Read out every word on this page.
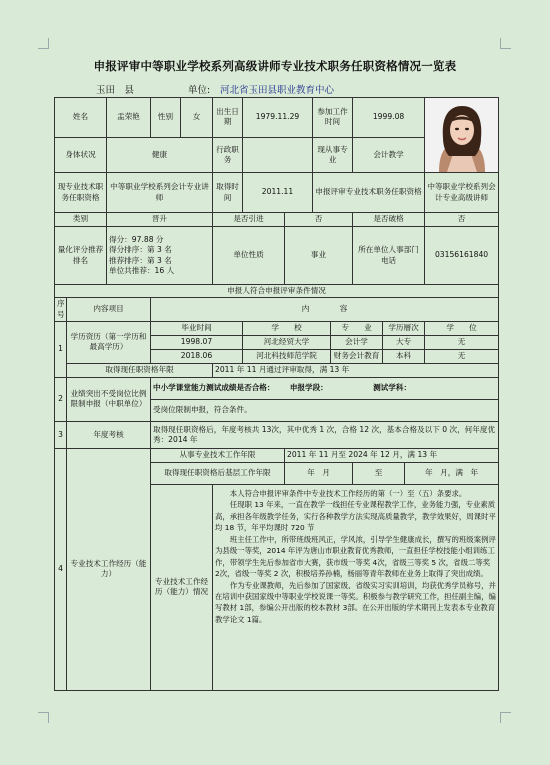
申报评审中等职业学校系列高级讲师专业技术职务任职资格情况一览表
玉田　县	单位: 河北省玉田县职业教育中心
姓名		盂荣艳	性别	女	出生日期	1979.11.29		参加工作时间		1999.08	

身体状况		健康			行政职务			现从事专业		会计教学			
现专业技术职务任职资格		中等职业学校系列会计专业讲师			取得时间	2011.11		申报评审专业技术职务任职资格					中等职业学校系列会计专业高级讲师
类别		晋升			是否引进		否			是否破格			否
量化评分推荐排名		得分：97.88 分
得分排序：第 3 名
推荐排序：第 3 名
单位共推荐：16 人			单位性质		事业			所在单位人事部门电话			03156161840
申报人符合申报评审条件情况													
序号	内容项目		内　　　　容										
1	学历资历（第一学历和最高学历）		毕业时间			学　　校			专　　业		学历層次		学　　位
			1998.07			河北经贸大学			会计学		大专		无
			2018.06			河北科技师范学院			财务会计教育		本科		无
	取得现任职资格年限				2011 年 11 月通过评审取得，满 13 年								
2	业绩突出不受岗位比例限制申报（中职单位）		中小学课堂能力测试成绩是否合格： 申报学段： 测试学科：										
			受岗位限制申报，符合条件。										
3	年度考核		取得现任职资格后，年度考核共 13次，其中优秀 1 次，合格 12 次，基本合格及以下 0 次，何年度优秀：2014 年										
4	专业技术工作经历（能力）		从事专业技术工作年限				2011 年 11 月至 2024 年 12 月，满 13 年						
			取得现任职资格后基层工作年限				年　月			至		年　月，满　年	
			专业技术工作经历（能力）情况		本人符合申报评审条件中专业技术工作经历的第（一）至（五）条要求。

任现职 13 年来，一直在教学一线担任专业课程教学工作，业务能力强，专业素质高，承担各年级教学任务，实行各种教学方法实现高质量教学，教学效果好，周课时平均 18 节，年平均课时 720 节

班主任工作中，所带班级班风正，学风浓，引导学生健康成长，撰写的班级案例评为县级一等奖，2014 年评为唐山市职业教育优秀教师，一直担任学校技能小组训练工作，带领学生先后参加省市大赛，获市级一等奖 4次，省级三等奖 5 次，省级二等奖 2次，省级一等奖 2 次，积极培养孙楠，杨丽等青年教师在业务上取得了突出成绩。

作为专业课教师，先后参加了国家级、省级实习实训培训，均获优秀学员称号，并在培训中获国家级中等职业学校说课一等奖。积极参与教学研究工作，担任副主编，编写教材 1部，参编公开出版的校本教材 3部。在公开出版的学术期刊上发表本专业教育教学论文 1篇。								
